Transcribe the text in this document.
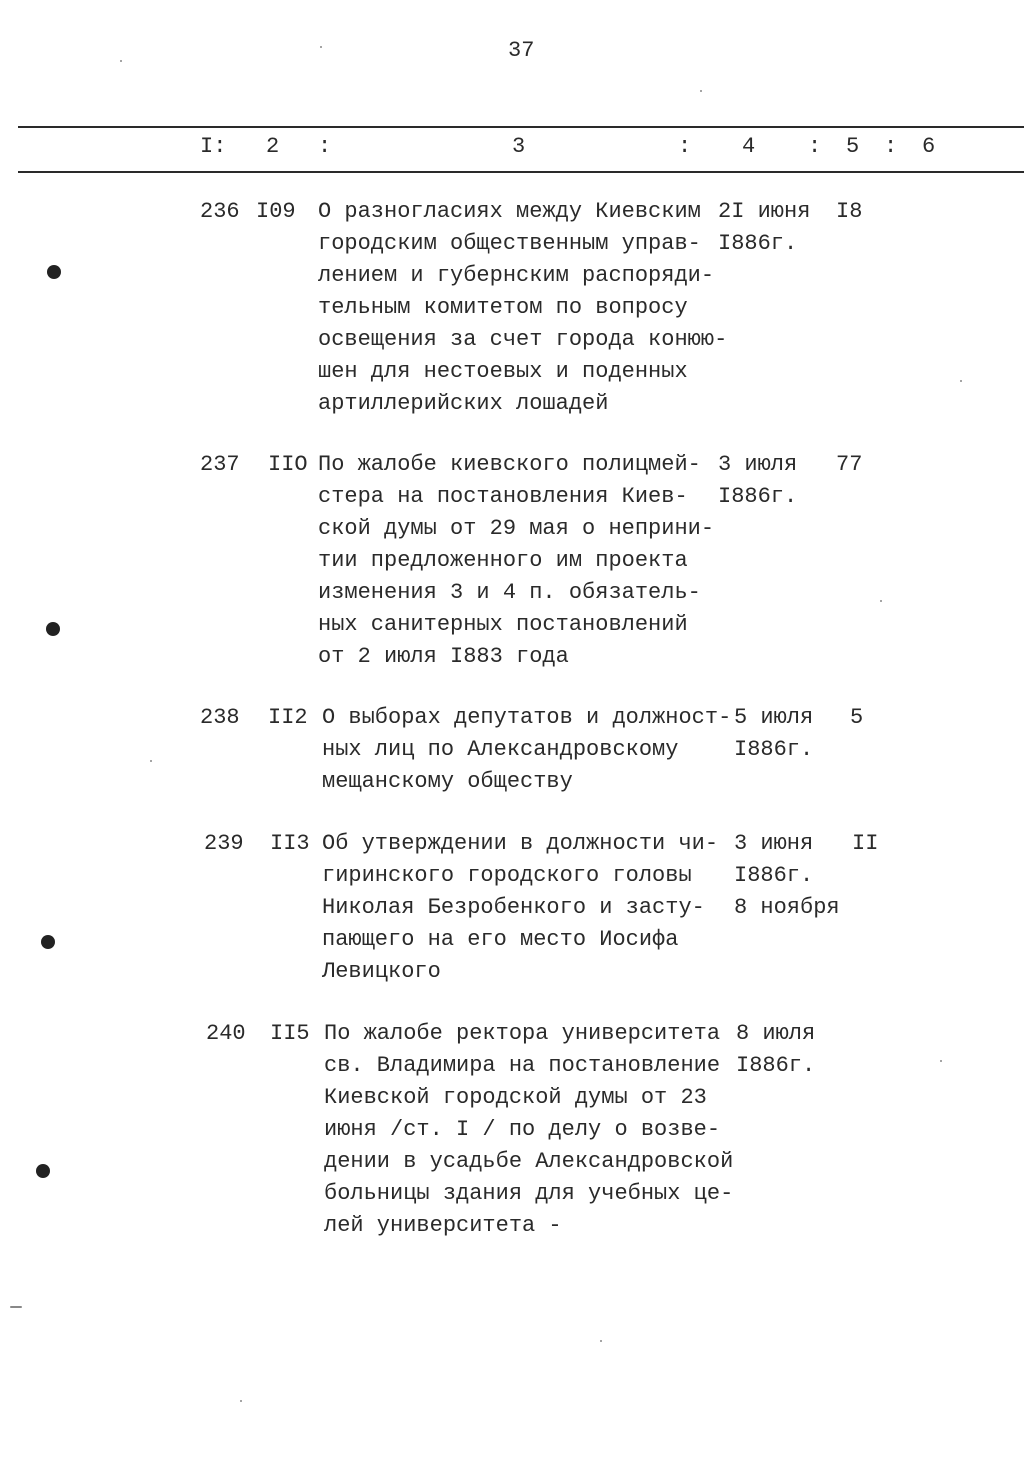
37
I: 2 :	3	: 4 : 5 : 6
236 I09 О разногласиях между Киевским
городским общественным управ-
лением и губернским распоряди-
тельным комитетом по вопросу
освещения за счет города конюю-
шен для нестоевых и поденных
артиллерийских лошадей
2I июня
I886г.
I8
237 IIO По жалобе киевского полицмей-
стера на постановления Киев-
ской думы от 29 мая о неприни-
тии предложенного им проекта
изменения 3 и 4 п. обязатель-
ных санитерных постановлений
от 2 июля I883 года
3 июля
I886г.
77
238 II2 О выборах депутатов и должност-
ных лиц по Александровскому
мещанскому обществу
5 июля
I886г.
5
239 II3 Об утверждении в должности чи-
гиринского городского головы
Николая Безробенкого и засту-
пающего на его место Иосифа
Левицкого
3 июня
I886г.
8 ноября
II
240 II5 По жалобе ректора университета
св. Владимира на постановление
Киевской городской думы от 23
июня /ст. I / по делу о возве-
дении в усадьбе Александровской
больницы здания для учебных це-
лей университета -
8 июля
I886г.
